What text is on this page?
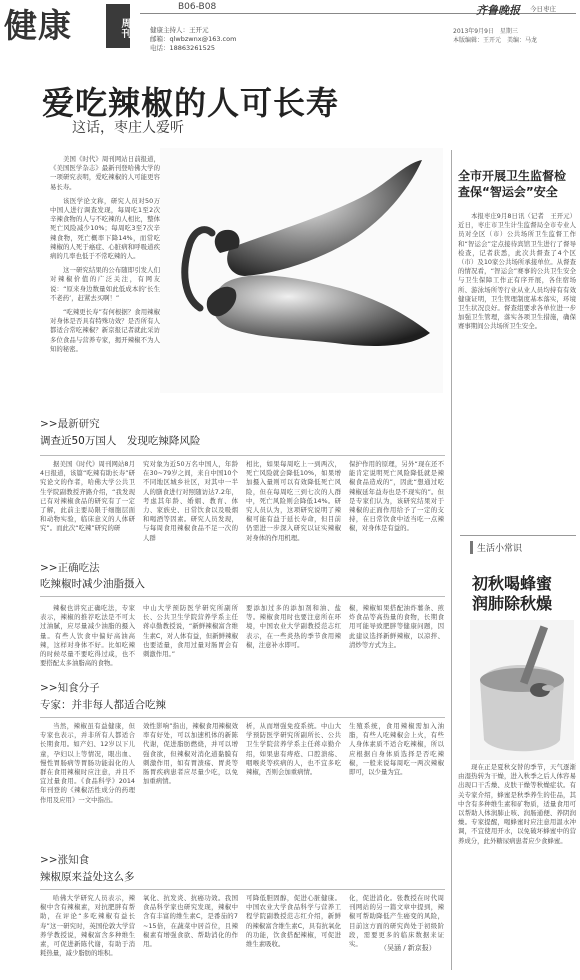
健康	周刊
B06-B08
健康主持人：王开元
邮箱：qlwbzwnx@163.com
电话：18863261525
齐鲁晚报 今日枣庄
2013年9月9日　星期三
本版编辑：王开元　美编：马龙
爱吃辣椒的人可长寿
这话，枣庄人爱听

美国《时代》周刊网站日前报道，《美国医学杂志》最新刊登哈佛大学的一项研究表明，爱吃辣椒的人可能更容易长寿。

该医学论文称，研究人员对50万中国人进行调查发现，每周吃1至2次辛辣食物的人与不吃辣的人相比，整体死亡风险减少10%；每周吃3至7次辛辣食物，死亡概率下降14%，而常吃辣椒的人死于癌症、心脏病和呼吸道疾病的几率也低于不常吃辣的人。

这一研究结果的公布随即引发人们对辣椒价值的广泛关注，有网友说：“原来身边数量如此低成本的‘长生不老药’，赶紧去买啊！”

“吃辣更长寿”有何根据？食用辣椒对身体是否具有特殊功效？是否所有人都适合常吃辣椒？新京报记者就此采访多位食品与营养专家，揭开辣椒不为人知的秘密。

全市开展卫生监督检查保“智运会”安全
本报枣庄9月8日讯（记者　王开元）近日，枣庄市卫生计生监督局全市专业人员对全区（市）公共场所卫生监督工作和“智运会”定点接待宾馆卫生进行了督导检查，记者获悉，此次共督查了4个区（市）及10家公共场所承接单位。从督查的情况看，“智运会”赛事的公共卫生安全与卫生保障工作正有序开展，各住宿场所、游泳场所等行业从业人员均持有有效健康证明，卫生管理制度基本落实，环境卫生状况良好。督查组要求各单位进一步加强卫生管理，落实各项卫生措施，确保赛事期间公共场所卫生安全。
生活小常识
初秋喝蜂蜜　润肺除秋燥
现在正是夏秋交替的季节，天气逐渐由湿热转为干燥，进入秋季之后人体容易出现口干舌燥、皮肤干燥等秋燥症状。有关专家介绍，蜂蜜是秋季养生的佳品，其中含有多种维生素和矿物质，适量食用可以帮助人体润肺止咳、润肠通便、养阴润燥。专家提醒，喝蜂蜜时应注意用温水冲调，不宜使用开水，以免破坏蜂蜜中的营养成分，此外糖尿病患者应少食蜂蜜。
>>最新研究
调查近50万国人　发现吃辣降风险
据美国《时代》周刊网站8月4日报道，该篇“吃辣有助长寿”研究论文的作者，哈佛大学公共卫生学院副教授齐路介绍，“我发现已有对辣椒食品的研究有了一定了解，此前主要局限于细胞层面和动物实验，临床意义的人体研究”。而此次“吃辣”研究的研
究对象为近50万名中国人，年龄在30~79岁之间，来自中国10个不同地区城乡社区，对其中一半人的膳食进行对照随访达7.2年，考虑其年龄、婚姻、教育、体力、家族史、日常饮食以及吸烟和喝酒等因素。研究人员发现，与每周食用辣椒食品不足一次的人群
相比，如果每周吃上一到两次，死亡风险就会降低10%，如果增加摄入量则可以有效降低死亡风险，但在每周吃三到七次的人群中，死亡风险则会降低14%。研究人员认为，这项研究说明了辣椒可能有益于延长寿命，但目前仍需进一步深入研究以证实辣椒对身体的作用机理。
保护作用的原理，另外“现在还不能肯定说明死亡风险降低就是辣椒食品造成的”，因此“想通过吃辣椒延年益寿也是不现实的”。但是专家们认为，该研究结果对于辣椒的正面作用给予了一定的支持，在日常饮食中适当吃一点辣椒，对身体是有益的。
>>正确吃法
吃辣椒时减少油脂摄入
辣椒也讲究正确吃法，专家表示，辣椒的推荐吃法是不可太过油腻，应尽量减少油脂的摄入量。有些人饮食中偏好高油高辣，这样对身体不好。比如吃辣的时候尽量不要吃得过咸，也不要搭配太多油脂高的食物。
中山大学预防医学研究所副所长、公共卫生学院营养学系主任蒋卓勤教授说，“新鲜辣椒富含维生素C，对人体有益，但新鲜辣椒也要适量，食用过量对肠胃会有刺激作用。”
要添加过多的添加剂和油、盐等。辣椒食用时也要注意所在环境，中国农业大学副教授范志红表示，在一些炎热的季节食用辣椒，注意补水即可。
椒，辣椒如果搭配油炸薯条、煎炸食品等高热量的食物，长期食用可能导致肥胖等健康问题，因此建议选择新鲜辣椒，以凉拌、清炒等方式为主。
>>知食分子
专家：并非每人都适合吃辣
当然，辣椒虽有益健康，但专家也表示，并非所有人都适合长期食用。如产妇、12岁以下儿童，孕妇以上等情况，眼出血、慢性胃肠病等胃肠功能弱化的人群在食用辣椒时应注意，并且不宜过量食用。《食品科学》2014年刊登的《辣椒活性成分的药理作用及应用》一文中指出。
效性影响”指出，辣椒食用辣椒效率有好处，可以加速机体的新陈代谢，促进脂肪燃烧，并可以增强食欲，但辣椒对消化道黏膜有刺激作用，如有胃溃疡、胃炎等肠胃疾病患者应尽量少吃，以免加重病情。
析，从而增强免疫系统。中山大学预防医学研究所副所长、公共卫生学院营养学系主任蒋卓勤介绍，如果患有痔疮、口腔溃疡、咽喉炎等疾病的人，也不宜多吃辣椒，否则会加重病情。
生殖系统，食用辣椒需加入油脂，有些人吃辣椒会上火，有些人身体素质不适合吃辣椒，所以应根据自身体质选择是否吃辣椒，一般来说每周吃一两次辣椒即可，以少量为宜。
>>涨知食
辣椒原来益处这么多
哈佛大学研究人员表示，辣椒中含有辣椒素，对抗肥胖有帮助，在评论“多吃辣椒有益长寿”这一研究时，英国伦敦大学营养学教授说，辣椒富含多种维生素，可促进新陈代谢，有助于消耗热量，减少脂肪的堆积。
氧化、抗发炎、抗癌功效。我国食品科学家也研究发现，辣椒中含有丰富的维生素C，是番茄的7~15倍，在蔬菜中居首位，且辣椒素有增强食欲、帮助消化的作用。
可降低胆固醇，促进心脏健康。中国农业大学食品科学与营养工程学院副教授范志红介绍，新鲜的辣椒富含维生素C，具有抗氧化的功能，饮食搭配辣椒，可促进维生素吸收。
化，促进消化。张教授在时代周刊网站的另一篇文章中提到，辣椒可帮助降低产生癌变的风险，目前这方面的研究尚处于初级阶段，需要更多的临床数据来证实。	（吴涵 / 新京报）
